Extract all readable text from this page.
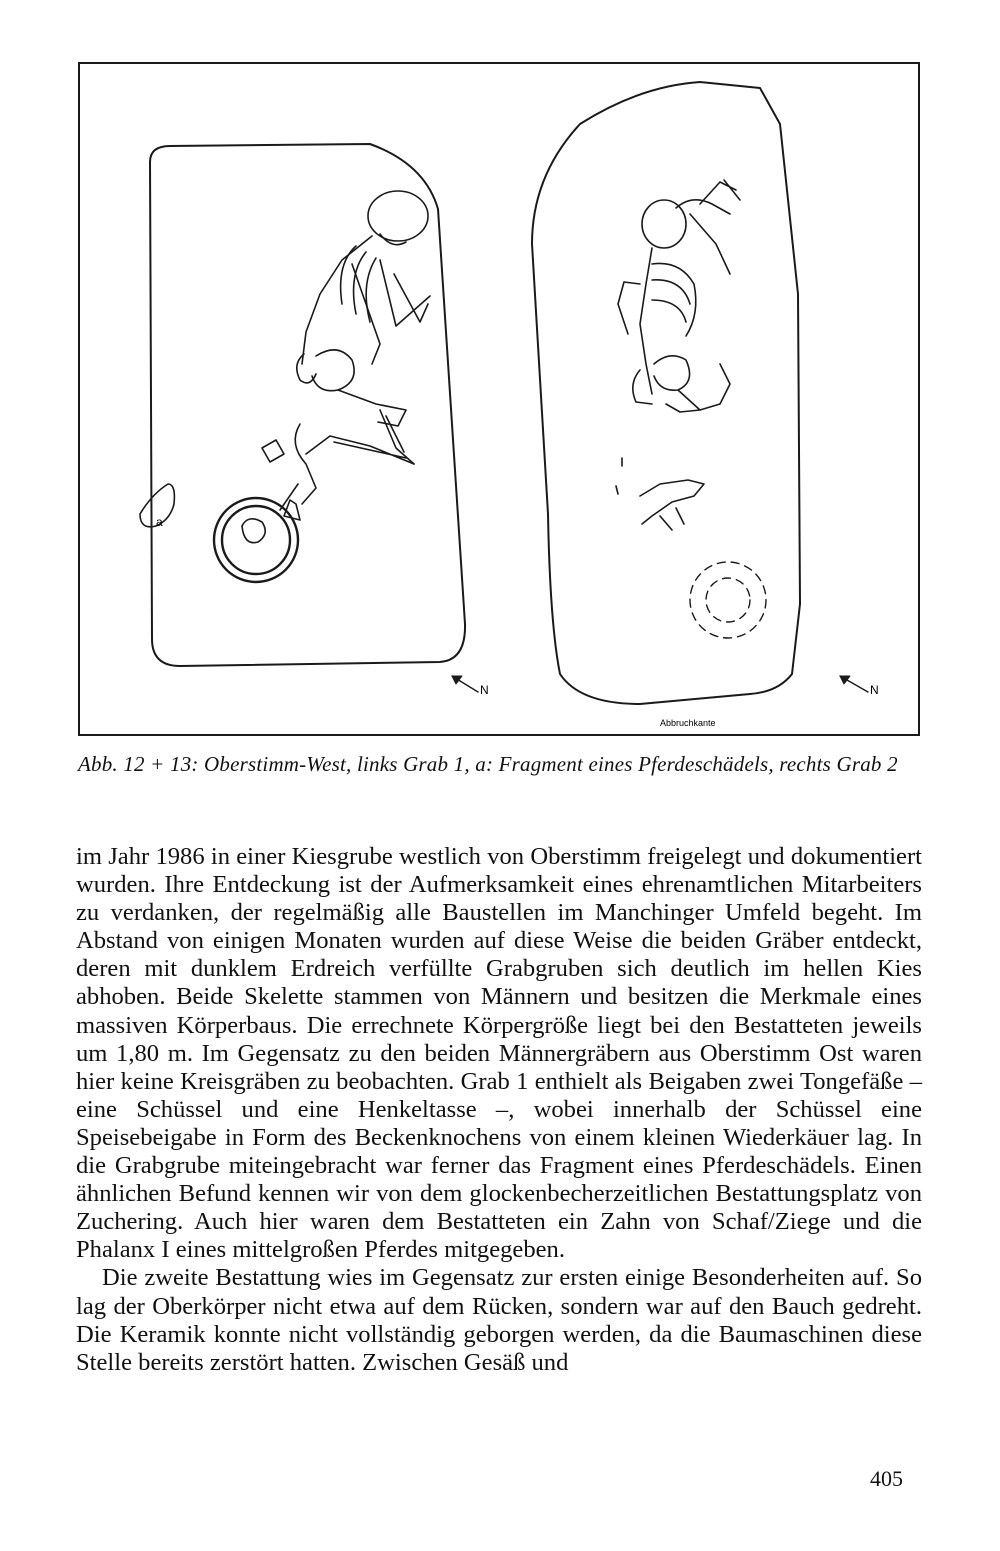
a
N	N
Abbruchkante
Abb. 12 + 13: Oberstimm-West, links Grab 1, a: Fragment eines Pferdeschädels, rechts Grab 2

im Jahr 1986 in einer Kiesgrube westlich von Oberstimm freigelegt und dokumentiert wurden. Ihre Entdeckung ist der Aufmerksamkeit eines ehrenamtlichen Mitarbeiters zu verdanken, der regelmäßig alle Baustellen im Manchinger Umfeld begeht. Im Abstand von einigen Monaten wurden auf diese Weise die beiden Gräber entdeckt, deren mit dunklem Erdreich verfüllte Grabgruben sich deutlich im hellen Kies abhoben. Beide Skelette stammen von Männern und besitzen die Merkmale eines massiven Körperbaus. Die errechnete Körpergröße liegt bei den Bestatteten jeweils um 1,80 m. Im Gegensatz zu den beiden Männergräbern aus Oberstimm Ost waren hier keine Kreisgräben zu beobachten. Grab 1 enthielt als Beigaben zwei Tongefäße – eine Schüssel und eine Henkeltasse –, wobei innerhalb der Schüssel eine Speisebeigabe in Form des Beckenknochens von einem kleinen Wiederkäuer lag. In die Grabgrube miteingebracht war ferner das Fragment eines Pferdeschädels. Einen ähnlichen Befund kennen wir von dem glockenbecherzeitlichen Bestattungsplatz von Zuchering. Auch hier waren dem Bestatteten ein Zahn von Schaf/Ziege und die Phalanx I eines mittelgroßen Pferdes mitgegeben.

Die zweite Bestattung wies im Gegensatz zur ersten einige Besonderheiten auf. So lag der Oberkörper nicht etwa auf dem Rücken, sondern war auf den Bauch gedreht. Die Keramik konnte nicht vollständig geborgen werden, da die Baumaschinen diese Stelle bereits zerstört hatten. Zwischen Gesäß und

405
